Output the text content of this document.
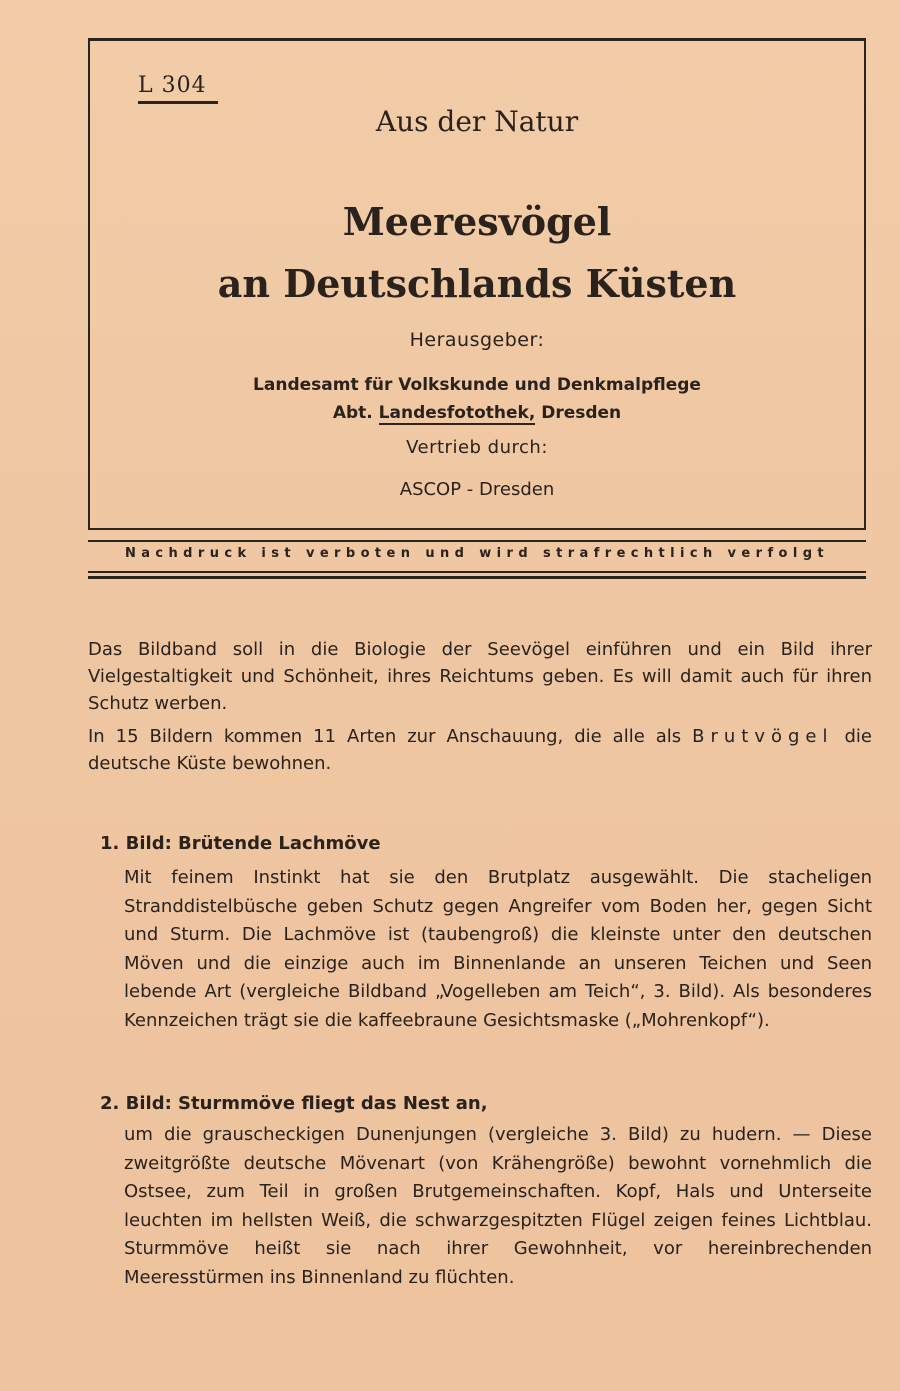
L 304
Aus der Natur
Meeresvögel
an Deutschlands Küsten
Herausgeber:
Landesamt für Volkskunde und Denkmalpflege
Abt. Landesfotothek, Dresden
Vertrieb durch:
ASCOP - Dresden
Nachdruck ist verboten und wird strafrechtlich verfolgt

Das Bildband soll in die Biologie der Seevögel einführen und ein Bild ihrer Vielgestaltigkeit und Schönheit, ihres Reichtums geben. Es will damit auch für ihren Schutz werben.

In 15 Bildern kommen 11 Arten zur Anschauung, die alle als Brutvögel die deutsche Küste bewohnen.

1. Bild: Brütende Lachmöve
Mit feinem Instinkt hat sie den Brutplatz ausgewählt. Die stacheligen Stranddistelbüsche geben Schutz gegen Angreifer vom Boden her, gegen Sicht und Sturm. Die Lachmöve ist (taubengroß) die kleinste unter den deutschen Möven und die einzige auch im Binnenlande an unseren Teichen und Seen lebende Art (vergleiche Bildband „Vogelleben am Teich“, 3. Bild). Als besonderes Kennzeichen trägt sie die kaffeebraune Gesichtsmaske („Mohrenkopf“).
2. Bild: Sturmmöve fliegt das Nest an,
um die grauscheckigen Dunenjungen (vergleiche 3. Bild) zu hudern. — Diese zweitgrößte deutsche Mövenart (von Krähengröße) bewohnt vornehmlich die Ostsee, zum Teil in großen Brutgemeinschaften. Kopf, Hals und Unterseite leuchten im hellsten Weiß, die schwarzgespitzten Flügel zeigen feines Lichtblau. Sturmmöve heißt sie nach ihrer Gewohnheit, vor hereinbrechenden Meeresstürmen ins Binnenland zu flüchten.
